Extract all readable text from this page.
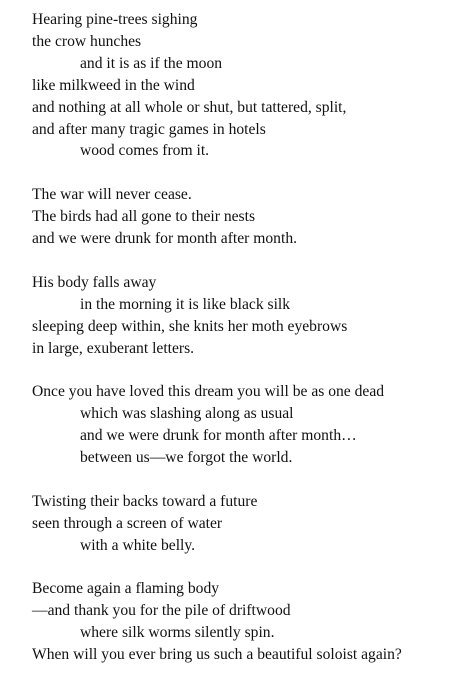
Hearing pine-trees sighing
the crow hunches
and it is as if the moon
like milkweed in the wind
and nothing at all whole or shut, but tattered, split,
and after many tragic games in hotels
wood comes from it.
The war will never cease.
The birds had all gone to their nests
and we were drunk for month after month.
His body falls away
in the morning it is like black silk
sleeping deep within, she knits her moth eyebrows
in large, exuberant letters.
Once you have loved this dream you will be as one dead
which was slashing along as usual
and we were drunk for month after month…
between us—we forgot the world.
Twisting their backs toward a future
seen through a screen of water
with a white belly.
Become again a flaming body
—and thank you for the pile of driftwood
where silk worms silently spin.
When will you ever bring us such a beautiful soloist again?
